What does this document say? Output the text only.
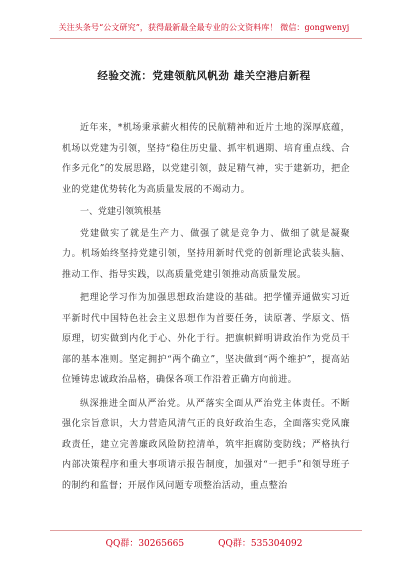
关注头条号“公文研究”，获得最新最全最专业的公文资料库！ 微信：gongwenyj
经验交流：党建领航风帆劲 雄关空港启新程

近年来，*机场秉承薪火相传的民航精神和近片土地的深厚底蕴，机场以党建为引领，坚持“稳住历史量、抓牢机遇期、培育重点线、合作多元化”的发展思路，以党建引领，鼓足精气神，实于建新功，把企业的党建优势转化为高质量发展的不竭动力。

一、党建引领筑根基

党建做实了就是生产力、做强了就是竞争力、做细了就是凝聚力。机场始终坚持党建引领，坚持用新时代党的创新理论武装头脑、推动工作、指导实践，以高质量党建引领推动高质量发展。

把理论学习作为加强思想政治建设的基础。把学懂弄通做实习近平新时代中国特色社会主义思想作为首要任务，读原著、学原文、悟原理，切实做到内化于心、外化于行。把旗帜鲜明讲政治作为党员干部的基本准则。坚定拥护“两个确立”，坚决做到“两个维护”，提高站位锤铸忠诚政治品格，确保各项工作沿着正确方向前进。

纵深推进全面从严治党。从严落实全面从严治党主体责任。不断强化宗旨意识，大力营造风清气正的良好政治生态，全面落实党风廉政责任，建立完善廉政风险防控清单，筑牢拒腐防变防线；严格执行内部决策程序和重大事项请示报告制度，加强对“一把手”和领导班子的制约和监督；开展作风问题专项整治活动，重点整治

QQ群：30265665	QQ群：535304092
